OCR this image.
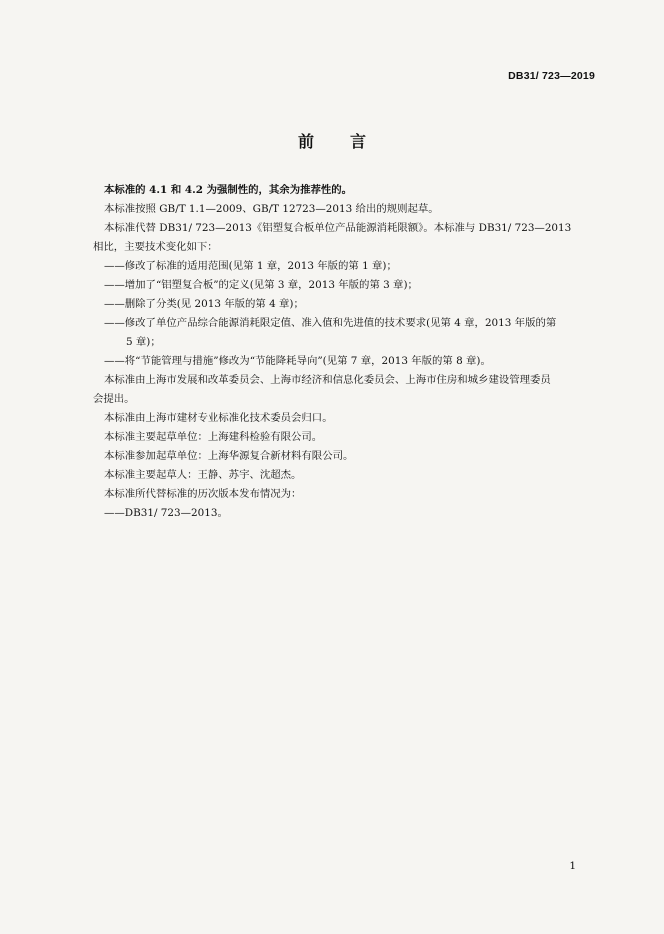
DB31/ 723—2019
前 言

本标准的 4.1 和 4.2 为强制性的，其余为推荐性的。

本标准按照 GB/T 1.1—2009、GB/T 12723—2013 给出的规则起草。

本标准代替 DB31/ 723—2013《铝塑复合板单位产品能源消耗限额》。本标准与 DB31/ 723—2013

相比，主要技术变化如下：

——修改了标准的适用范围(见第 1 章，2013 年版的第 1 章)；

——增加了“铝塑复合板”的定义(见第 3 章，2013 年版的第 3 章)；

——删除了分类(见 2013 年版的第 4 章)；

——修改了单位产品综合能源消耗限定值、准入值和先进值的技术要求(见第 4 章，2013 年版的第

5 章)；

——将“节能管理与措施”修改为“节能降耗导向”(见第 7 章，2013 年版的第 8 章)。

本标准由上海市发展和改革委员会、上海市经济和信息化委员会、上海市住房和城乡建设管理委员

会提出。

本标准由上海市建材专业标准化技术委员会归口。

本标准主要起草单位：上海建科检验有限公司。

本标准参加起草单位：上海华源复合新材料有限公司。

本标准主要起草人：王静、苏宇、沈超杰。

本标准所代替标准的历次版本发布情况为：

——DB31/ 723—2013。

1
